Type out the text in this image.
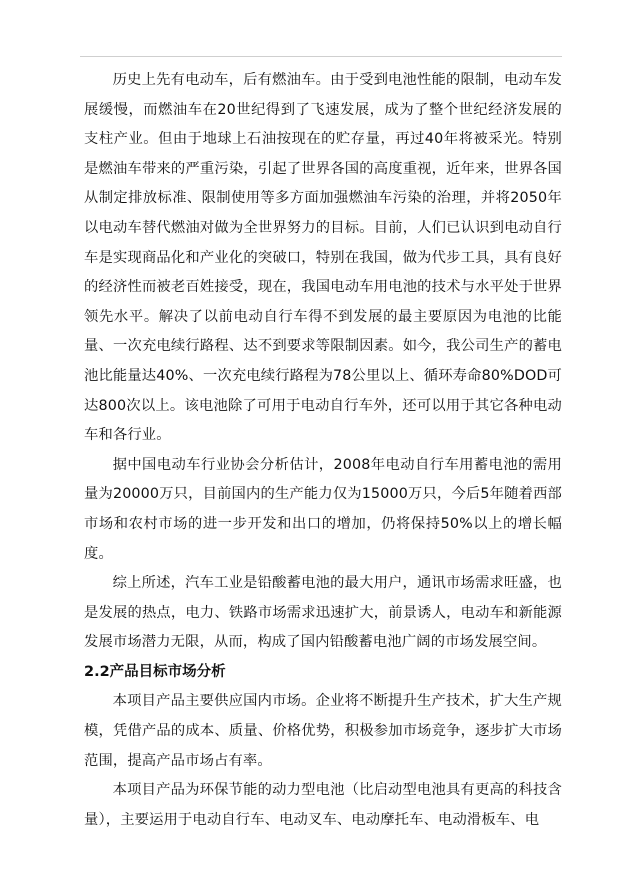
历史上先有电动车，后有燃油车。由于受到电池性能的限制，电动车发展缓慢，而燃油车在20世纪得到了飞速发展，成为了整个世纪经济发展的支柱产业。但由于地球上石油按现在的贮存量，再过40年将被采光。特别是燃油车带来的严重污染，引起了世界各国的高度重视，近年来，世界各国从制定排放标准、限制使用等多方面加强燃油车污染的治理，并将2050年以电动车替代燃油对做为全世界努力的目标。目前，人们已认识到电动自行车是实现商品化和产业化的突破口，特别在我国，做为代步工具，具有良好的经济性而被老百姓接受，现在，我国电动车用电池的技术与水平处于世界领先水平。解决了以前电动自行车得不到发展的最主要原因为电池的比能量、一次充电续行路程、达不到要求等限制因素。如今，我公司生产的蓄电池比能量达40%、一次充电续行路程为78公里以上、循环寿命80%DOD可达800次以上。该电池除了可用于电动自行车外，还可以用于其它各种电动车和各行业。

据中国电动车行业协会分析估计，2008年电动自行车用蓄电池的需用量为20000万只，目前国内的生产能力仅为15000万只，今后5年随着西部市场和农村市场的进一步开发和出口的增加，仍将保持50%以上的增长幅度。

综上所述，汽车工业是铅酸蓄电池的最大用户，通讯市场需求旺盛，也是发展的热点，电力、铁路市场需求迅速扩大，前景诱人，电动车和新能源发展市场潜力无限，从而，构成了国内铅酸蓄电池广阔的市场发展空间。

2.2产品目标市场分析

本项目产品主要供应国内市场。企业将不断提升生产技术，扩大生产规模，凭借产品的成本、质量、价格优势，积极参加市场竞争，逐步扩大市场范围，提高产品市场占有率。

本项目产品为环保节能的动力型电池（比启动型电池具有更高的科技含量），主要运用于电动自行车、电动叉车、电动摩托车、电动滑板车、电
